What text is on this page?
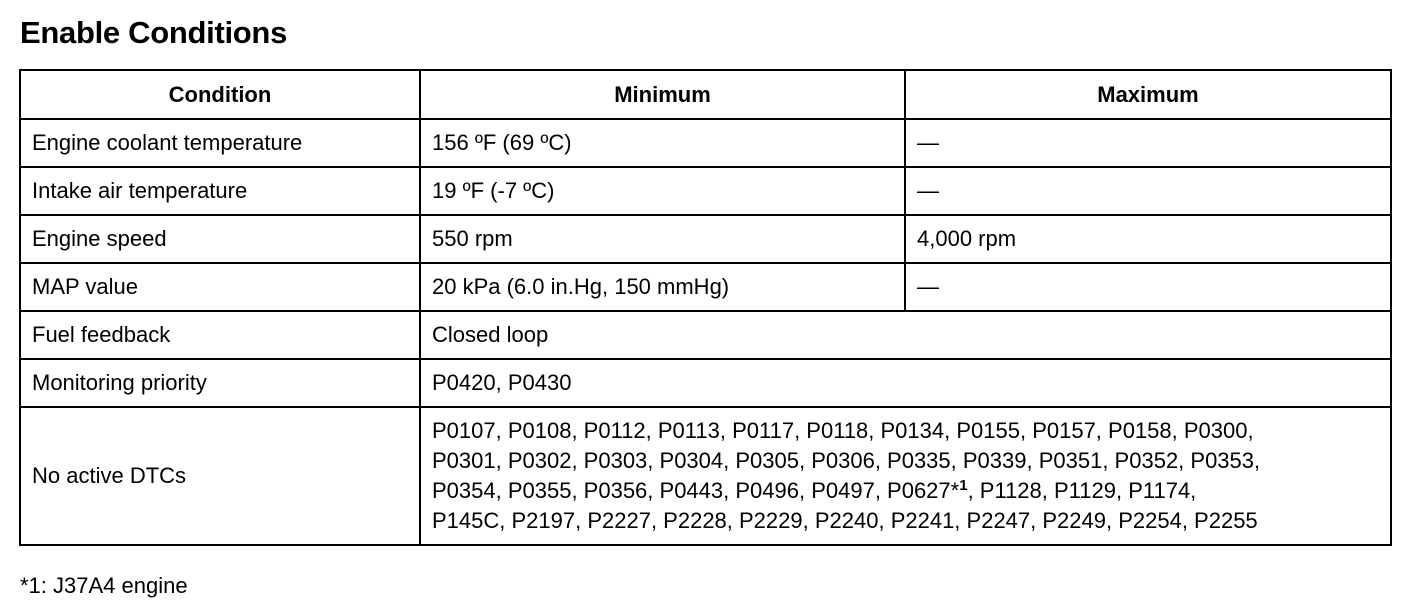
Enable Conditions
Condition	Minimum	Maximum
Engine coolant temperature	156 ºF (69 ºC)	—
Intake air temperature	19 ºF (-7 ºC)	—
Engine speed	550 rpm	4,000 rpm
MAP value	20 kPa (6.0 in.Hg, 150 mmHg)	—
Fuel feedback	Closed loop	
Monitoring priority	P0420, P0430	
No active DTCs	P0107, P0108, P0112, P0113, P0117, P0118, P0134, P0155, P0157, P0158, P0300,
P0301, P0302, P0303, P0304, P0305, P0306, P0335, P0339, P0351, P0352, P0353,
P0354, P0355, P0356, P0443, P0496, P0497, P0627*$^1$, P1128, P1129, P1174,
P145C, P2197, P2227, P2228, P2229, P2240, P2241, P2247, P2249, P2254, P2255	
*1: J37A4 engine
